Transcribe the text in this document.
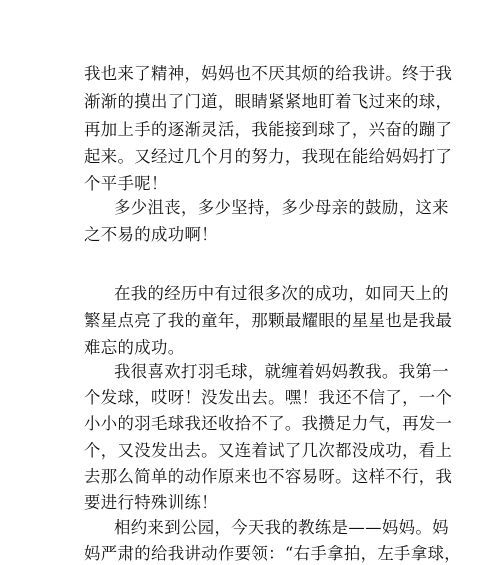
我也来了精神，妈妈也不厌其烦的给我讲。终于我
渐渐的摸出了门道，眼睛紧紧地盯着飞过来的球，
再加上手的逐渐灵活，我能接到球了，兴奋的蹦了
起来。又经过几个月的努力，我现在能给妈妈打了
个平手呢！
多少沮丧，多少坚持，多少母亲的鼓励，这来
之不易的成功啊！
在我的经历中有过很多次的成功，如同天上的
繁星点亮了我的童年，那颗最耀眼的星星也是我最
难忘的成功。
我很喜欢打羽毛球，就缠着妈妈教我。我第一
个发球，哎呀！没发出去。嘿！我还不信了，一个
小小的羽毛球我还收拾不了。我攒足力气，再发一
个，又没发出去。又连着试了几次都没成功，看上
去那么简单的动作原来也不容易呀。这样不行，我
要进行特殊训练！
相约来到公园，今天我的教练是——妈妈。妈
妈严肃的给我讲动作要领：“右手拿拍，左手拿球，
